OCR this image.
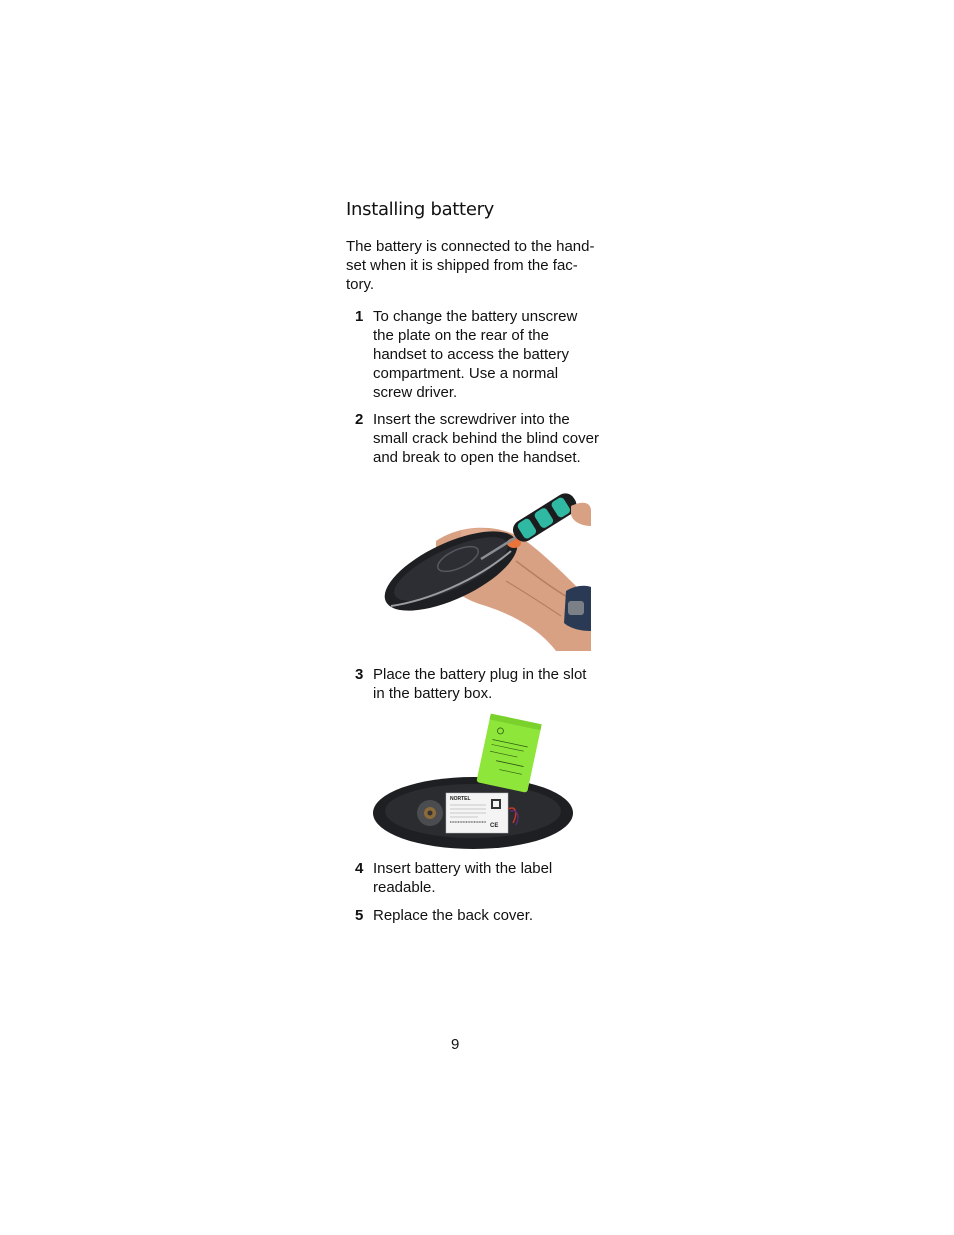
Installing battery

The battery is connected to the hand-
set when it is shipped from the fac-
tory.

1 To change the battery unscrew
the plate on the rear of the
handset to access the battery
compartment. Use a normal
screw driver.
2 Insert the screwdriver into the
small crack behind the blind cover
and break to open the handset.
3 Place the battery plug in the slot
in the battery box.
NORTEL
CE
4 Insert battery with the label
readable.
5 Replace the back cover.
9
